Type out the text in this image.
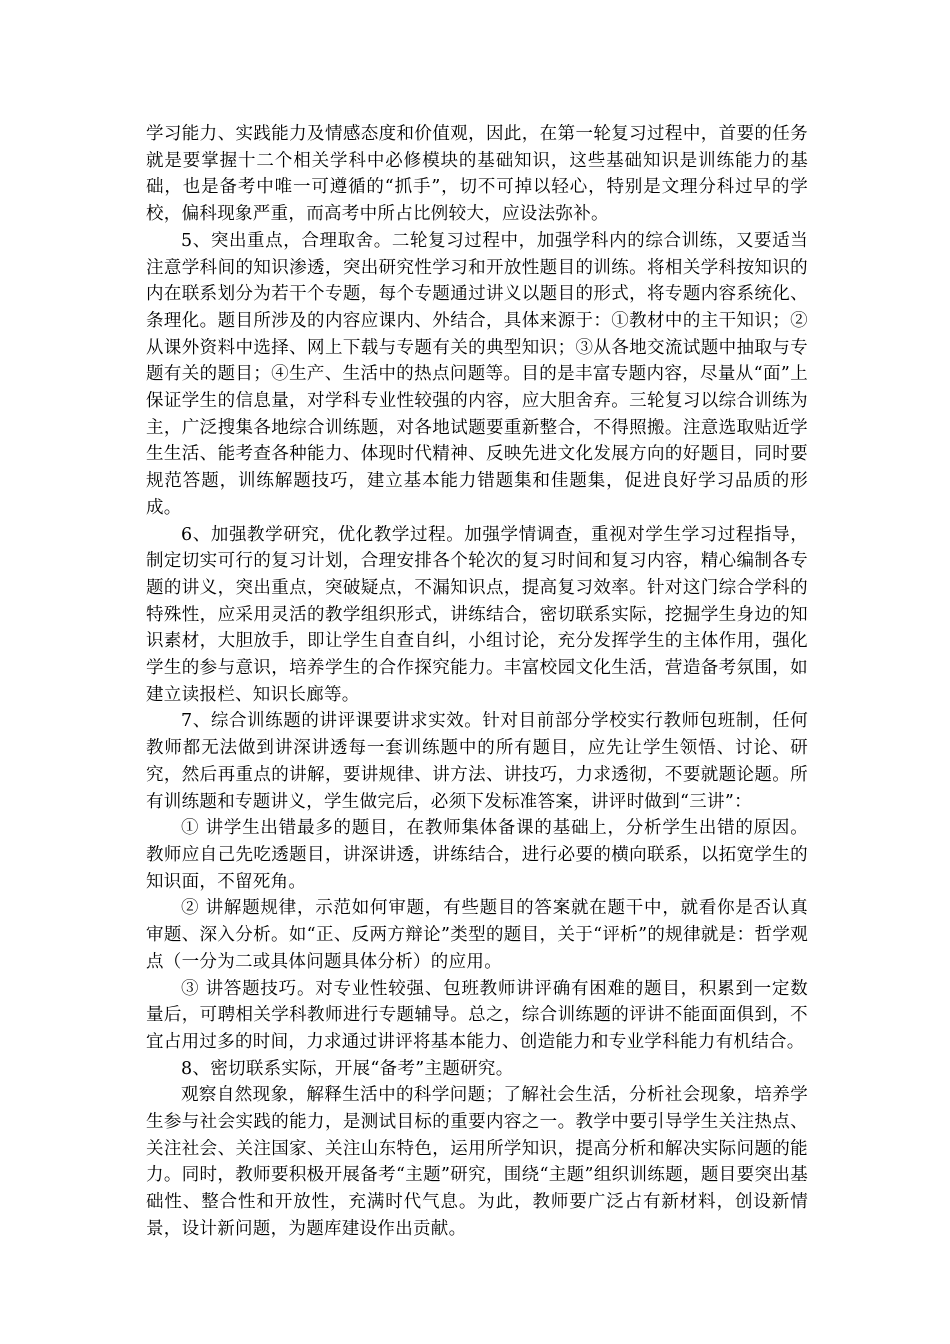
学习能力、实践能力及情感态度和价值观，因此，在第一轮复习过程中，首要的任务就是要掌握十二个相关学科中必修模块的基础知识，这些基础知识是训练能力的基础，也是备考中唯一可遵循的“抓手”，切不可掉以轻心，特别是文理分科过早的学校，偏科现象严重，而高考中所占比例较大，应设法弥补。

5、突出重点，合理取舍。二轮复习过程中，加强学科内的综合训练，又要适当注意学科间的知识渗透，突出研究性学习和开放性题目的训练。将相关学科按知识的内在联系划分为若干个专题，每个专题通过讲义以题目的形式，将专题内容系统化、条理化。题目所涉及的内容应课内、外结合，具体来源于：①教材中的主干知识；②从课外资料中选择、网上下载与专题有关的典型知识；③从各地交流试题中抽取与专题有关的题目；④生产、生活中的热点问题等。目的是丰富专题内容，尽量从“面”上保证学生的信息量，对学科专业性较强的内容，应大胆舍弃。三轮复习以综合训练为主，广泛搜集各地综合训练题，对各地试题要重新整合，不得照搬。注意选取贴近学生生活、能考查各种能力、体现时代精神、反映先进文化发展方向的好题目，同时要规范答题，训练解题技巧，建立基本能力错题集和佳题集，促进良好学习品质的形成。

6、加强教学研究，优化教学过程。加强学情调查，重视对学生学习过程指导，制定切实可行的复习计划，合理安排各个轮次的复习时间和复习内容，精心编制各专题的讲义，突出重点，突破疑点，不漏知识点，提高复习效率。针对这门综合学科的特殊性，应采用灵活的教学组织形式，讲练结合，密切联系实际，挖掘学生身边的知识素材，大胆放手，即让学生自查自纠，小组讨论，充分发挥学生的主体作用，强化学生的参与意识，培养学生的合作探究能力。丰富校园文化生活，营造备考氛围，如建立读报栏、知识长廊等。

7、综合训练题的讲评课要讲求实效。针对目前部分学校实行教师包班制，任何教师都无法做到讲深讲透每一套训练题中的所有题目，应先让学生领悟、讨论、研究，然后再重点的讲解，要讲规律、讲方法、讲技巧，力求透彻，不要就题论题。所有训练题和专题讲义，学生做完后，必须下发标准答案，讲评时做到“三讲”：

① 讲学生出错最多的题目，在教师集体备课的基础上，分析学生出错的原因。教师应自己先吃透题目，讲深讲透，讲练结合，进行必要的横向联系，以拓宽学生的知识面，不留死角。

② 讲解题规律，示范如何审题，有些题目的答案就在题干中，就看你是否认真审题、深入分析。如“正、反两方辩论”类型的题目，关于“评析”的规律就是：哲学观点（一分为二或具体问题具体分析）的应用。

③ 讲答题技巧。对专业性较强、包班教师讲评确有困难的题目，积累到一定数量后，可聘相关学科教师进行专题辅导。总之，综合训练题的评讲不能面面俱到，不宜占用过多的时间，力求通过讲评将基本能力、创造能力和专业学科能力有机结合。

8、密切联系实际，开展“备考”主题研究。

观察自然现象，解释生活中的科学问题；了解社会生活，分析社会现象，培养学生参与社会实践的能力，是测试目标的重要内容之一。教学中要引导学生关注热点、关注社会、关注国家、关注山东特色，运用所学知识，提高分析和解决实际问题的能力。同时，教师要积极开展备考“主题”研究，围绕“主题”组织训练题，题目要突出基础性、整合性和开放性，充满时代气息。为此，教师要广泛占有新材料，创设新情景，设计新问题，为题库建设作出贡献。
